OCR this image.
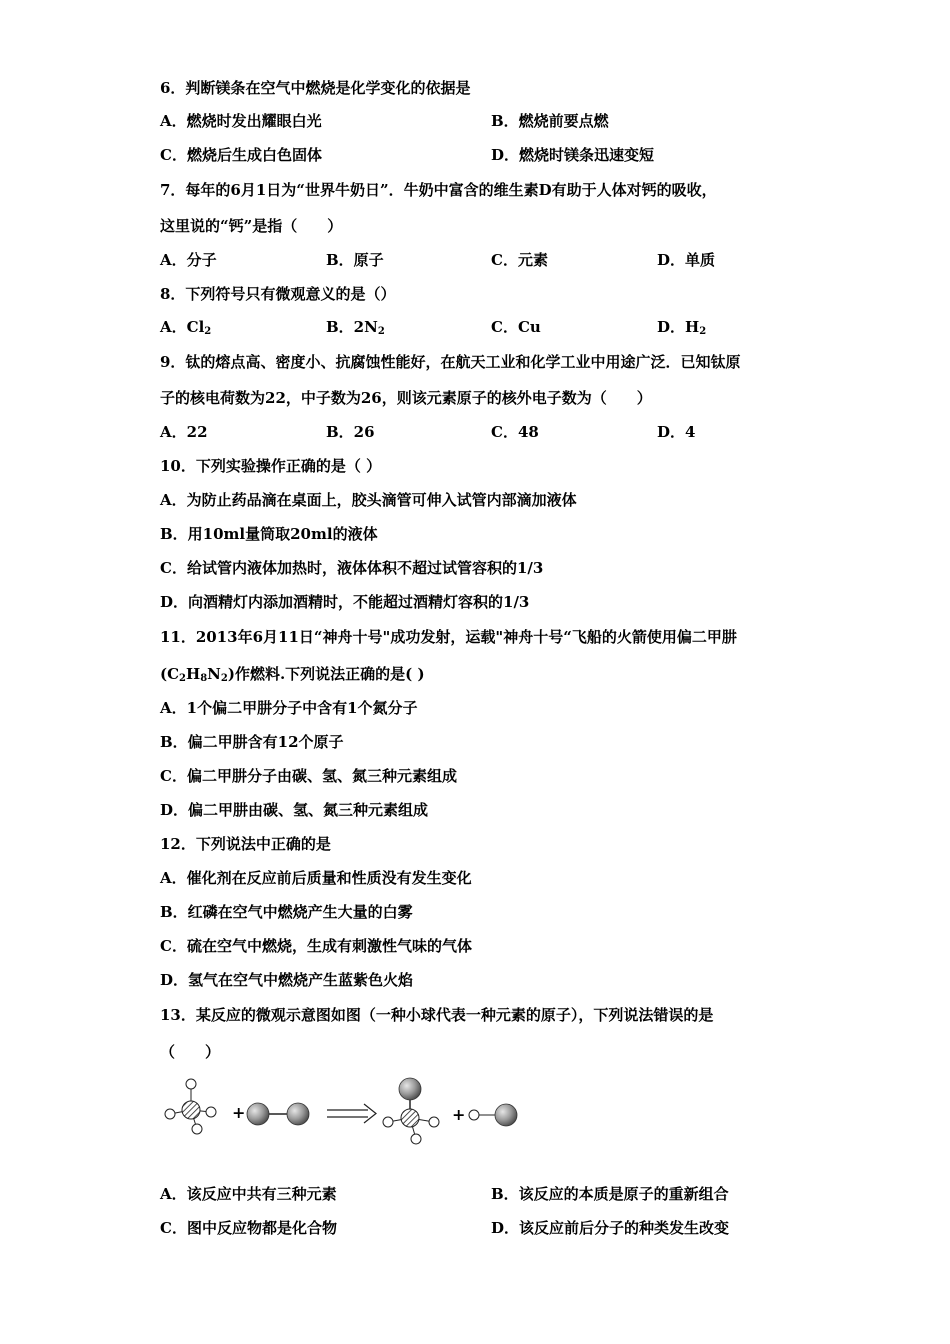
6．判断镁条在空气中燃烧是化学变化的依据是
A．燃烧时发出耀眼白光	B．燃烧前要点燃
C．燃烧后生成白色固体	D．燃烧时镁条迅速变短
7．每年的6月1日为“世界牛奶日”．牛奶中富含的维生素D有助于人体对钙的吸收，
这里说的“钙”是指（　　）
A．分子	B．原子	C．元素	D．单质
8．下列符号只有微观意义的是（）
A．$Cl_2$	B．$2N_2$	C．Cu	D．$H_2$
9．钛的熔点高、密度小、抗腐蚀性能好，在航天工业和化学工业中用途广泛．已知钛原
子的核电荷数为22，中子数为26，则该元素原子的核外电子数为（　　）
A．22	B．26	C．48	D．4
10．下列实验操作正确的是（ ）
A．为防止药品滴在桌面上，胶头滴管可伸入试管内部滴加液体
B．用10ml量筒取20ml的液体
C．给试管内液体加热时，液体体积不超过试管容积的1/3
D．向酒精灯内添加酒精时，不能超过酒精灯容积的1/3
11．2013年6月11日“神舟十号"成功发射，运载"神舟十号“飞船的火箭使用偏二甲肼
$(C_2H_8N_2)$作燃料.下列说法正确的是( )
A．1个偏二甲肼分子中含有1个氮分子
B．偏二甲肼含有12个原子
C．偏二甲肼分子由碳、氢、氮三种元素组成
D．偏二甲肼由碳、氢、氮三种元素组成
12．下列说法中正确的是
A．催化剂在反应前后质量和性质没有发生变化
B．红磷在空气中燃烧产生大量的白雾
C．硫在空气中燃烧，生成有刺激性气味的气体
D．氢气在空气中燃烧产生蓝紫色火焰
13．某反应的微观示意图如图（一种小球代表一种元素的原子），下列说法错误的是
（　　）
+	+
A．该反应中共有三种元素	B．该反应的本质是原子的重新组合
C．图中反应物都是化合物	D．该反应前后分子的种类发生改变
